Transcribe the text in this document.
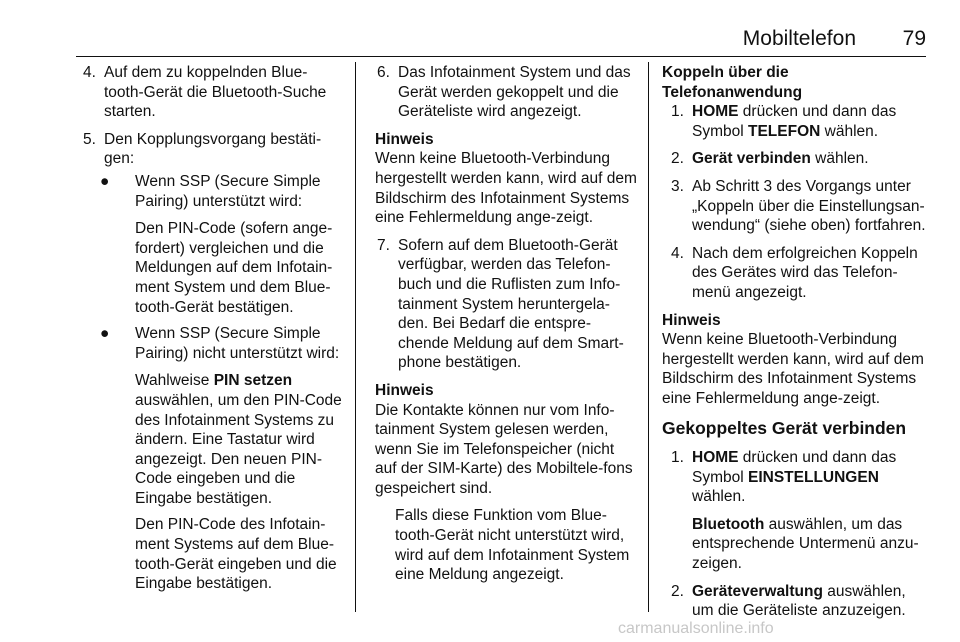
Mobiltelefon 79
4. Auf dem zu koppelnden Blue-tooth-Gerät die Bluetooth-Suche starten.
5. Den Kopplungsvorgang bestäti-gen:
● Wenn SSP (Secure Simple Pairing) unterstützt wird:
Den PIN-Code (sofern ange-fordert) vergleichen und die Meldungen auf dem Infotain-ment System und dem Blue-tooth-Gerät bestätigen.
● Wenn SSP (Secure Simple Pairing) nicht unterstützt wird:
Wahlweise PIN setzen auswählen, um den PIN-Code des Infotainment Systems zu ändern. Eine Tastatur wird angezeigt. Den neuen PIN-Code eingeben und die Eingabe bestätigen.
Den PIN-Code des Infotain-ment Systems auf dem Blue-tooth-Gerät eingeben und die Eingabe bestätigen.
6. Das Infotainment System und das Gerät werden gekoppelt und die Geräteliste wird angezeigt.
Hinweis
Wenn keine Bluetooth-Verbindung hergestellt werden kann, wird auf dem Bildschirm des Infotainment Systems eine Fehlermeldung ange-zeigt.
7. Sofern auf dem Bluetooth-Gerät verfügbar, werden das Telefon-buch und die Ruflisten zum Info-tainment System heruntergela-den. Bei Bedarf die entspre-chende Meldung auf dem Smart-phone bestätigen.
Hinweis
Die Kontakte können nur vom Info-tainment System gelesen werden, wenn Sie im Telefonspeicher (nicht auf der SIM-Karte) des Mobiltele-fons gespeichert sind.
Falls diese Funktion vom Blue-tooth-Gerät nicht unterstützt wird, wird auf dem Infotainment System eine Meldung angezeigt.
Koppeln über die Telefonanwendung
1. HOME drücken und dann das Symbol TELEFON wählen.
2. Gerät verbinden wählen.
3. Ab Schritt 3 des Vorgangs unter „Koppeln über die Einstellungsan-wendung“ (siehe oben) fortfahren.
4. Nach dem erfolgreichen Koppeln des Gerätes wird das Telefon-menü angezeigt.
Hinweis
Wenn keine Bluetooth-Verbindung hergestellt werden kann, wird auf dem Bildschirm des Infotainment Systems eine Fehlermeldung ange-zeigt.
Gekoppeltes Gerät verbinden
1. HOME drücken und dann das Symbol EINSTELLUNGEN wählen.
Bluetooth auswählen, um das entsprechende Untermenü anzu-zeigen.
2. Geräteverwaltung auswählen, um die Geräteliste anzuzeigen.
carmanualsonline.info
